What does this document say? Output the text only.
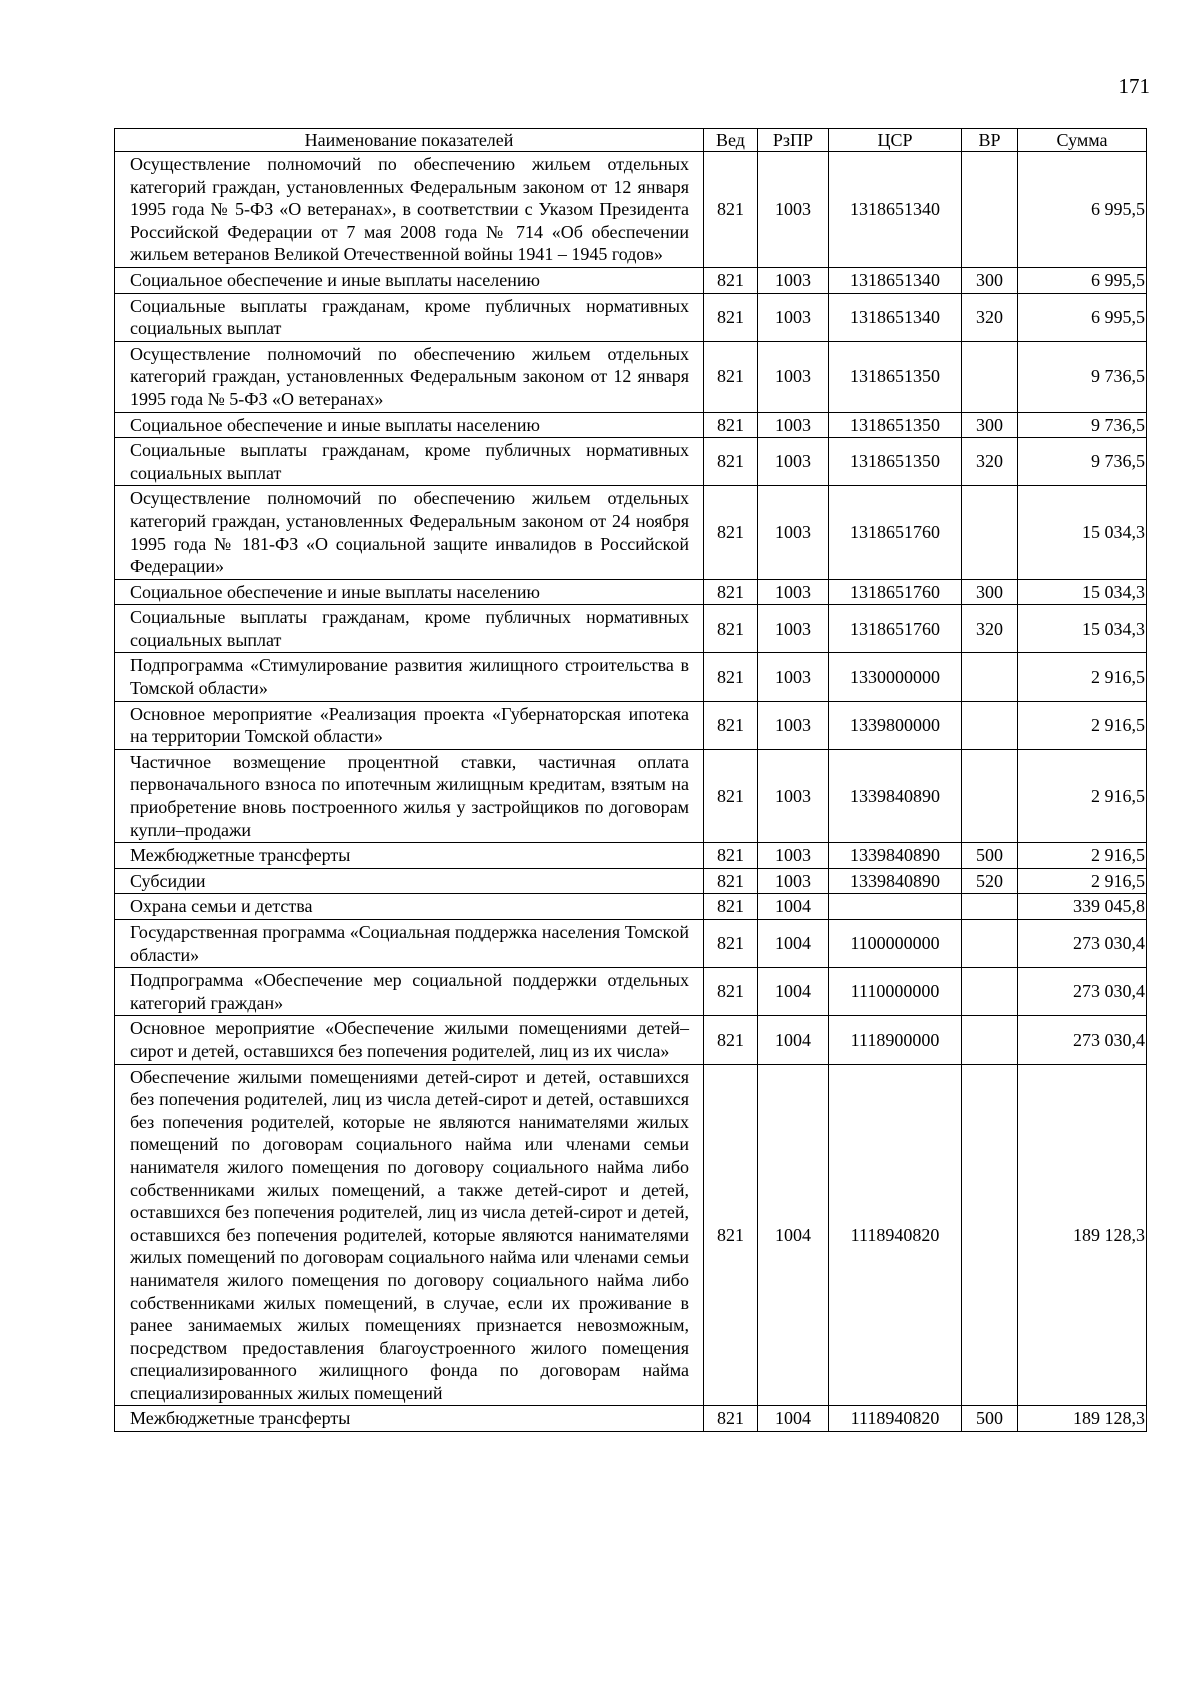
171
Наименование показателей	Вед	РзПР	ЦСР	ВР	Сумма
Осуществление полномочий по обеспечению жильем отдельных категорий граждан, установленных Федеральным законом от 12 января 1995 года № 5-ФЗ «О ветеранах», в соответствии с Указом Президента Российской Федерации от 7 мая 2008 года № 714 «Об обеспечении жильем ветеранов Великой Отечественной войны 1941 – 1945 годов»	821	1003	1318651340		6 995,5
Социальное обеспечение и иные выплаты населению	821	1003	1318651340	300	6 995,5
Социальные выплаты гражданам, кроме публичных нормативных социальных выплат	821	1003	1318651340	320	6 995,5
Осуществление полномочий по обеспечению жильем отдельных категорий граждан, установленных Федеральным законом от 12 января 1995 года № 5-ФЗ «О ветеранах»	821	1003	1318651350		9 736,5
Социальное обеспечение и иные выплаты населению	821	1003	1318651350	300	9 736,5
Социальные выплаты гражданам, кроме публичных нормативных социальных выплат	821	1003	1318651350	320	9 736,5
Осуществление полномочий по обеспечению жильем отдельных категорий граждан, установленных Федеральным законом от 24 ноября 1995 года № 181-ФЗ «О социальной защите инвалидов в Российской Федерации»	821	1003	1318651760		15 034,3
Социальное обеспечение и иные выплаты населению	821	1003	1318651760	300	15 034,3
Социальные выплаты гражданам, кроме публичных нормативных социальных выплат	821	1003	1318651760	320	15 034,3
Подпрограмма «Стимулирование развития жилищного строительства в Томской области»	821	1003	1330000000		2 916,5
Основное мероприятие «Реализация проекта «Губернаторская ипотека на территории Томской области»	821	1003	1339800000		2 916,5
Частичное возмещение процентной ставки, частичная оплата первоначального взноса по ипотечным жилищным кредитам, взятым на приобретение вновь построенного жилья у застройщиков по договорам купли–продажи	821	1003	1339840890		2 916,5
Межбюджетные трансферты	821	1003	1339840890	500	2 916,5
Субсидии	821	1003	1339840890	520	2 916,5
Охрана семьи и детства	821	1004			339 045,8
Государственная программа «Социальная поддержка населения Томской области»	821	1004	1100000000		273 030,4
Подпрограмма «Обеспечение мер социальной поддержки отдельных категорий граждан»	821	1004	1110000000		273 030,4
Основное мероприятие «Обеспечение жилыми помещениями детей–сирот и детей, оставшихся без попечения родителей, лиц из их числа»	821	1004	1118900000		273 030,4
Обеспечение жилыми помещениями детей-сирот и детей, оставшихся без попечения родителей, лиц из числа детей-сирот и детей, оставшихся без попечения родителей, которые не являются нанимателями жилых помещений по договорам социального найма или членами семьи нанимателя жилого помещения по договору социального найма либо собственниками жилых помещений, а также детей-сирот и детей, оставшихся без попечения родителей, лиц из числа детей-сирот и детей, оставшихся без попечения родителей, которые являются нанимателями жилых помещений по договорам социального найма или членами семьи нанимателя жилого помещения по договору социального найма либо собственниками жилых помещений, в случае, если их проживание в ранее занимаемых жилых помещениях признается невозможным, посредством предоставления благоустроенного жилого помещения специализированного жилищного фонда по договорам найма специализированных жилых помещений	821	1004	1118940820		189 128,3
Межбюджетные трансферты	821	1004	1118940820	500	189 128,3
